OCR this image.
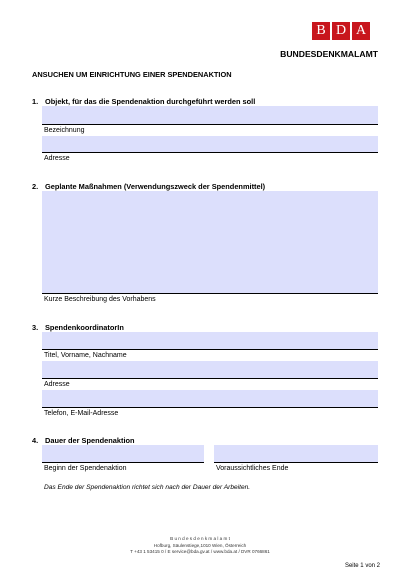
B D A
BUNDESDENKMALAMT
ANSUCHEN UM EINRICHTUNG EINER SPENDENAKTION
1. Objekt, für das die Spendenaktion durchgeführt werden soll
Bezeichnung
Adresse
2. Geplante Maßnahmen (Verwendungszweck der Spendenmittel)
Kurze Beschreibung des Vorhabens
3. SpendenkoordinatorIn
Titel, Vorname, Nachname
Adresse
Telefon, E-Mail-Adresse
4. Dauer der Spendenaktion
Beginn der Spendenaktion	Voraussichtliches Ende
Das Ende der Spendenaktion richtet sich nach der Dauer der Arbeiten.
B u n d e s d e n k m a l a m t
Hofburg, Säulenstiege,1010 Wien, Österreich
T +43 1 53415 0 / E service@bda.gv.at / www.bda.at / DVR 0766861
Seite 1 von 2
